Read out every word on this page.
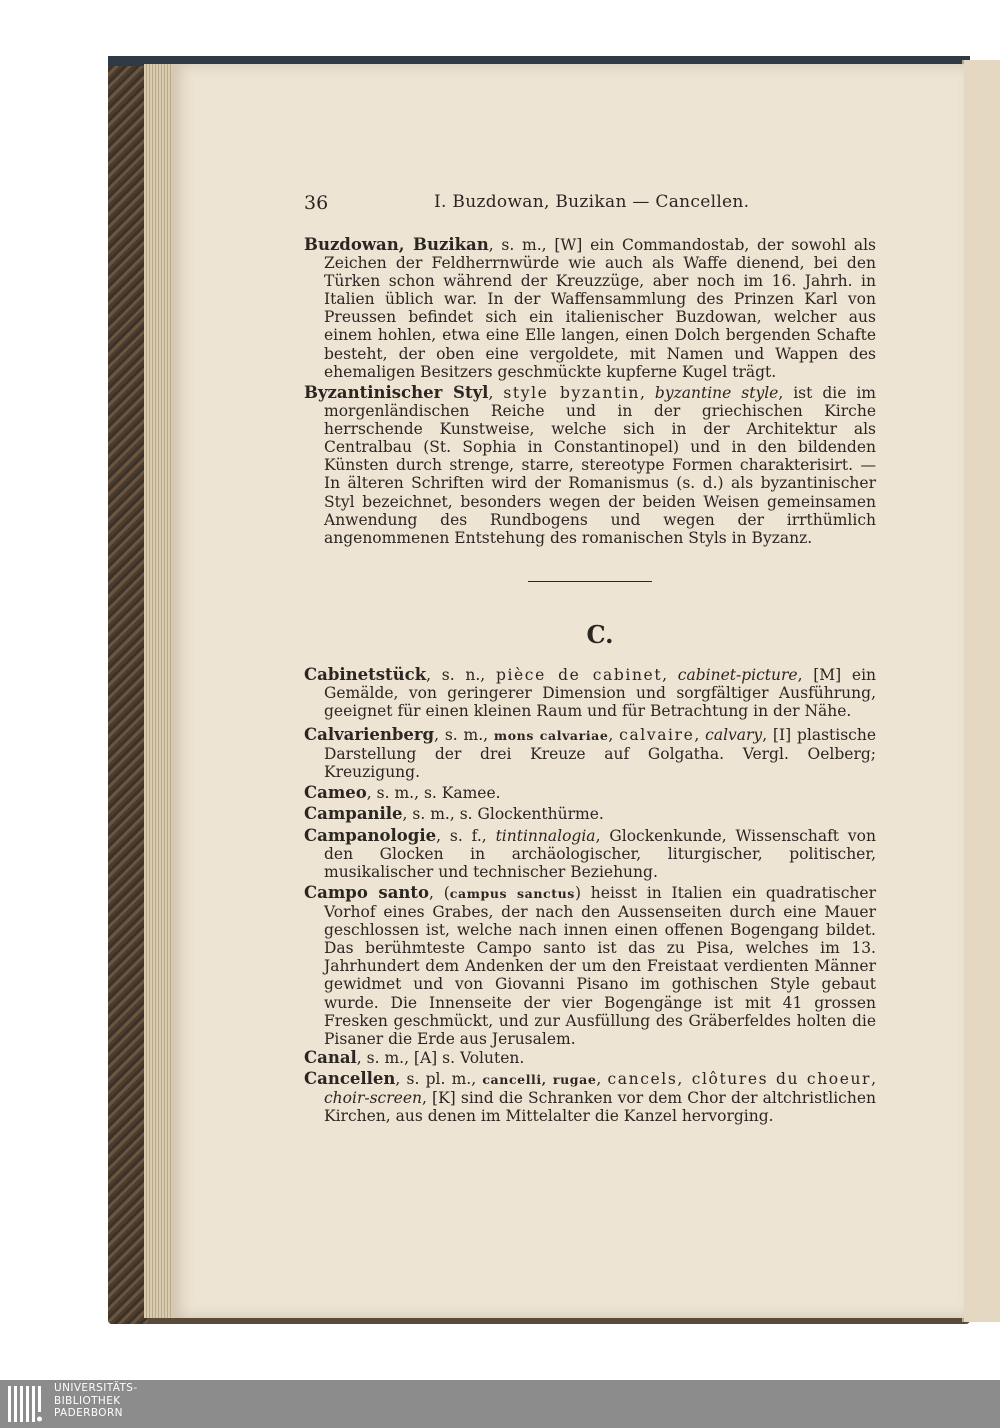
36	I. Buzdowan, Buzikan — Cancellen.

Buzdowan, Buzikan, s. m., [W] ein Commandostab, der sowohl als Zeichen der Feldherrnwürde wie auch als Waffe dienend, bei den Türken schon während der Kreuzzüge, aber noch im 16. Jahrh. in Italien üblich war. In der Waffensammlung des Prinzen Karl von Preussen befindet sich ein italienischer Buzdowan, welcher aus einem hohlen, etwa eine Elle langen, einen Dolch bergenden Schafte besteht, der oben eine vergoldete, mit Namen und Wappen des ehemaligen Besitzers geschmückte kupferne Kugel trägt.

Byzantinischer Styl, style byzantin, byzantine style, ist die im morgenländischen Reiche und in der griechischen Kirche herrschende Kunstweise, welche sich in der Architektur als Centralbau (St. Sophia in Constantinopel) und in den bildenden Künsten durch strenge, starre, stereotype Formen charakterisirt. — In älteren Schriften wird der Romanismus (s. d.) als byzantinischer Styl bezeichnet, besonders wegen der beiden Weisen gemeinsamen Anwendung des Rundbogens und wegen der irrthümlich angenommenen Entstehung des romanischen Styls in Byzanz.

C.

Cabinetstück, s. n., pièce de cabinet, cabinet-picture, [M] ein Gemälde, von geringerer Dimension und sorgfältiger Ausführung, geeignet für einen kleinen Raum und für Betrachtung in der Nähe.

Calvarienberg, s. m., mons calvariae, calvaire, calvary, [I] plastische Darstellung der drei Kreuze auf Golgatha. Vergl. Oelberg; Kreuzigung.

Cameo, s. m., s. Kamee.

Campanile, s. m., s. Glockenthürme.

Campanologie, s. f., tintinnalogia, Glockenkunde, Wissenschaft von den Glocken in archäologischer, liturgischer, politischer, musikalischer und technischer Beziehung.

Campo santo, (campus sanctus) heisst in Italien ein quadratischer Vorhof eines Grabes, der nach den Aussenseiten durch eine Mauer geschlossen ist, welche nach innen einen offenen Bogengang bildet. Das berühmteste Campo santo ist das zu Pisa, welches im 13. Jahrhundert dem Andenken der um den Freistaat verdienten Männer gewidmet und von Giovanni Pisano im gothischen Style gebaut wurde. Die Innenseite der vier Bogengänge ist mit 41 grossen Fresken geschmückt, und zur Ausfüllung des Gräberfeldes holten die Pisaner die Erde aus Jerusalem.

Canal, s. m., [A] s. Voluten.

Cancellen, s. pl. m., cancelli, rugae, cancels, clôtures du choeur, choir-screen, [K] sind die Schranken vor dem Chor der altchristlichen Kirchen, aus denen im Mittelalter die Kanzel hervorging.

UNIVERSITÄTS-
BIBLIOTHEK
PADERBORN
